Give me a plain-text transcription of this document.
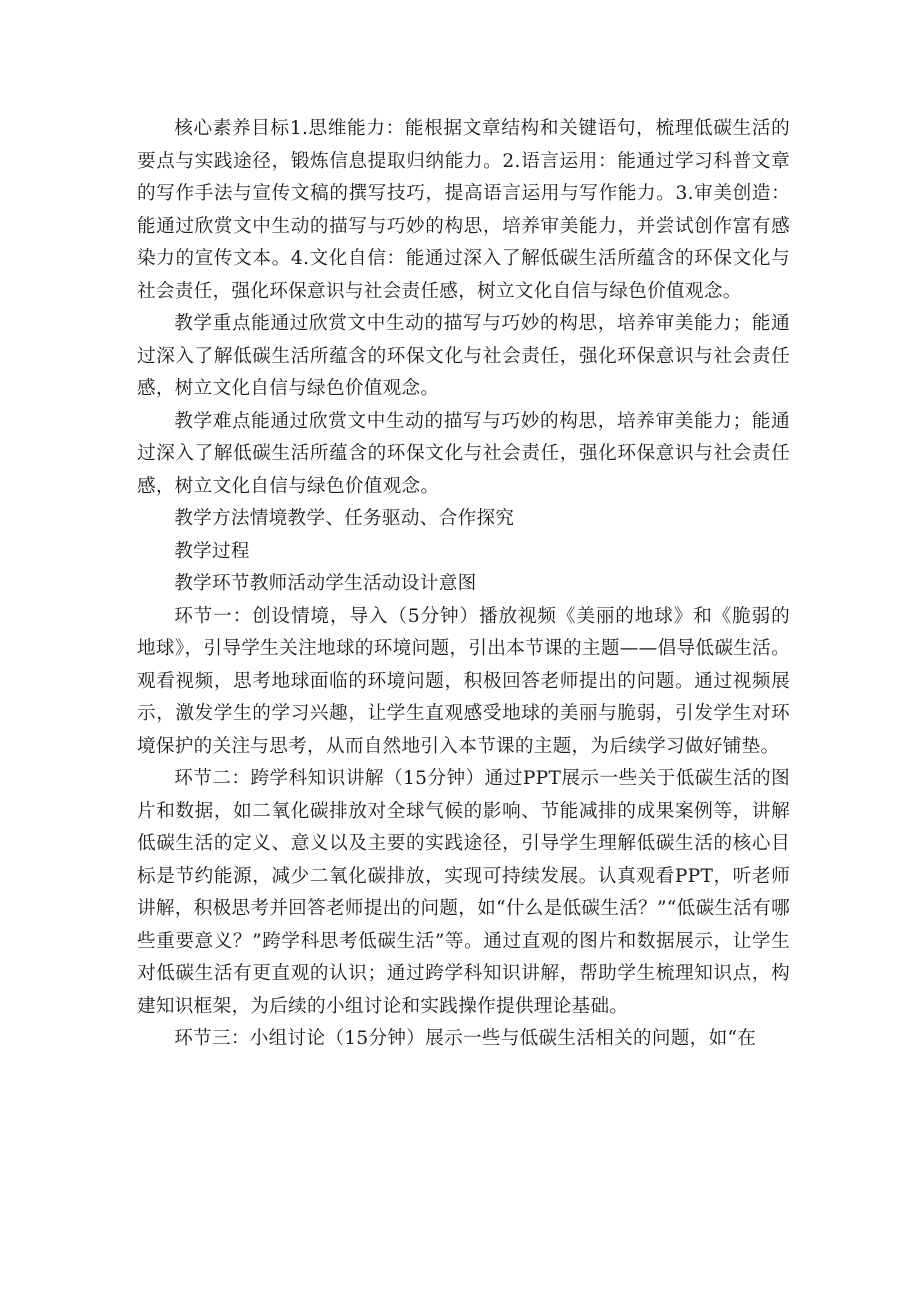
核心素养目标1.思维能力：能根据文章结构和关键语句，梳理低碳生活的要点与实践途径，锻炼信息提取归纳能力。2.语言运用：能通过学习科普文章的写作手法与宣传文稿的撰写技巧，提高语言运用与写作能力。3.审美创造：能通过欣赏文中生动的描写与巧妙的构思，培养审美能力，并尝试创作富有感染力的宣传文本。4.文化自信：能通过深入了解低碳生活所蕴含的环保文化与社会责任，强化环保意识与社会责任感，树立文化自信与绿色价值观念。

教学重点能通过欣赏文中生动的描写与巧妙的构思，培养审美能力；能通过深入了解低碳生活所蕴含的环保文化与社会责任，强化环保意识与社会责任感，树立文化自信与绿色价值观念。

教学难点能通过欣赏文中生动的描写与巧妙的构思，培养审美能力；能通过深入了解低碳生活所蕴含的环保文化与社会责任，强化环保意识与社会责任感，树立文化自信与绿色价值观念。

教学方法情境教学、任务驱动、合作探究

教学过程

教学环节教师活动学生活动设计意图

环节一：创设情境，导入（5分钟）播放视频《美丽的地球》和《脆弱的地球》，引导学生关注地球的环境问题，引出本节课的主题——倡导低碳生活。观看视频，思考地球面临的环境问题，积极回答老师提出的问题。通过视频展示，激发学生的学习兴趣，让学生直观感受地球的美丽与脆弱，引发学生对环境保护的关注与思考，从而自然地引入本节课的主题，为后续学习做好铺垫。

环节二：跨学科知识讲解（15分钟）通过PPT展示一些关于低碳生活的图片和数据，如二氧化碳排放对全球气候的影响、节能减排的成果案例等，讲解低碳生活的定义、意义以及主要的实践途径，引导学生理解低碳生活的核心目标是节约能源，减少二氧化碳排放，实现可持续发展。认真观看PPT，听老师讲解，积极思考并回答老师提出的问题，如“什么是低碳生活？”“低碳生活有哪些重要意义？”跨学科思考低碳生活”等。通过直观的图片和数据展示，让学生对低碳生活有更直观的认识；通过跨学科知识讲解，帮助学生梳理知识点，构建知识框架，为后续的小组讨论和实践操作提供理论基础。

环节三：小组讨论（15分钟）展示一些与低碳生活相关的问题，如“在
